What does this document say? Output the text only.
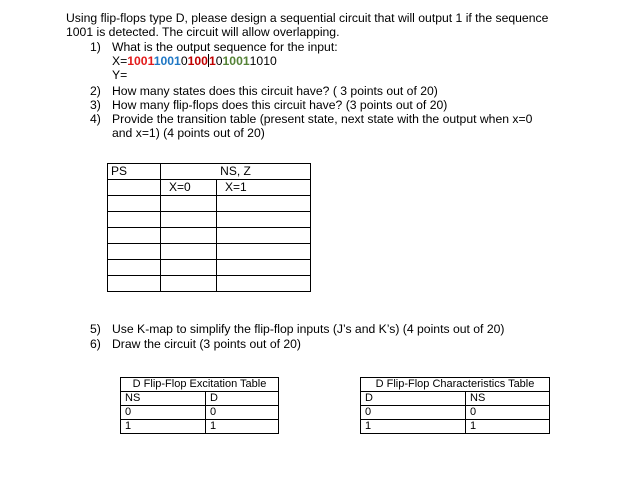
Using flip-flops type D, please design a sequential circuit that will output 1 if the sequence
1001 is detected. The circuit will allow overlapping.
1) What is the output sequence for the input:
X=1001100101001010011010
Y=
2) How many states does this circuit have? ( 3 points out of 20)
3) How many flip-flops does this circuit have? (3 points out of 20)
4) Provide the transition table (present state, next state with the output when x=0
and x=1) (4 points out of 20)
PS	NS, Z	
	X=0	X=1

5) Use K-map to simplify the flip-flop inputs (J’s and K’s) (4 points out of 20)
6) Draw the circuit (3 points out of 20)
D Flip-Flop Excitation Table	
NS	D
0	0
1	1
D Flip-Flop Characteristics Table	
D	NS
0	0
1	1
